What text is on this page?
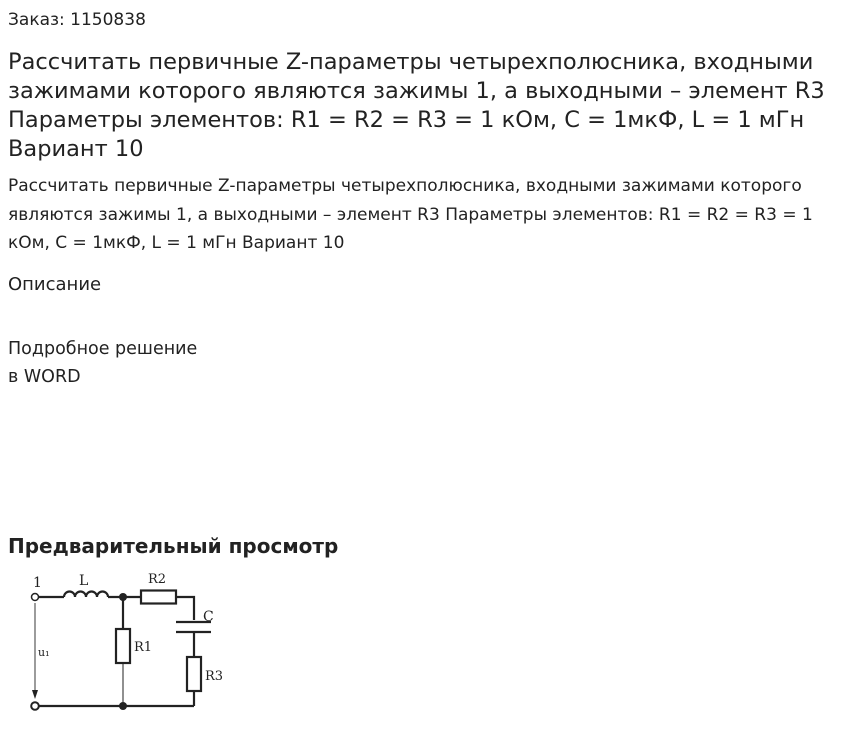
Заказ: 1150838
Рассчитать первичные Z-параметры четырехполюсника, входными зажимами которого являются зажимы 1, а выходными – элемент R3 Параметры элементов: R1 = R2 = R3 = 1 кОм, С = 1мкФ, L = 1 мГн Вариант 10

Рассчитать первичные Z-параметры четырехполюсника, входными зажимами которого являются зажимы 1, а выходными – элемент R3 Параметры элементов: R1 = R2 = R3 = 1 кОм, С = 1мкФ, L = 1 мГн Вариант 10

Описание
Подробное решение
в WORD
Предварительный просмотр
1	L	R2
C
R1
R3
u₁
